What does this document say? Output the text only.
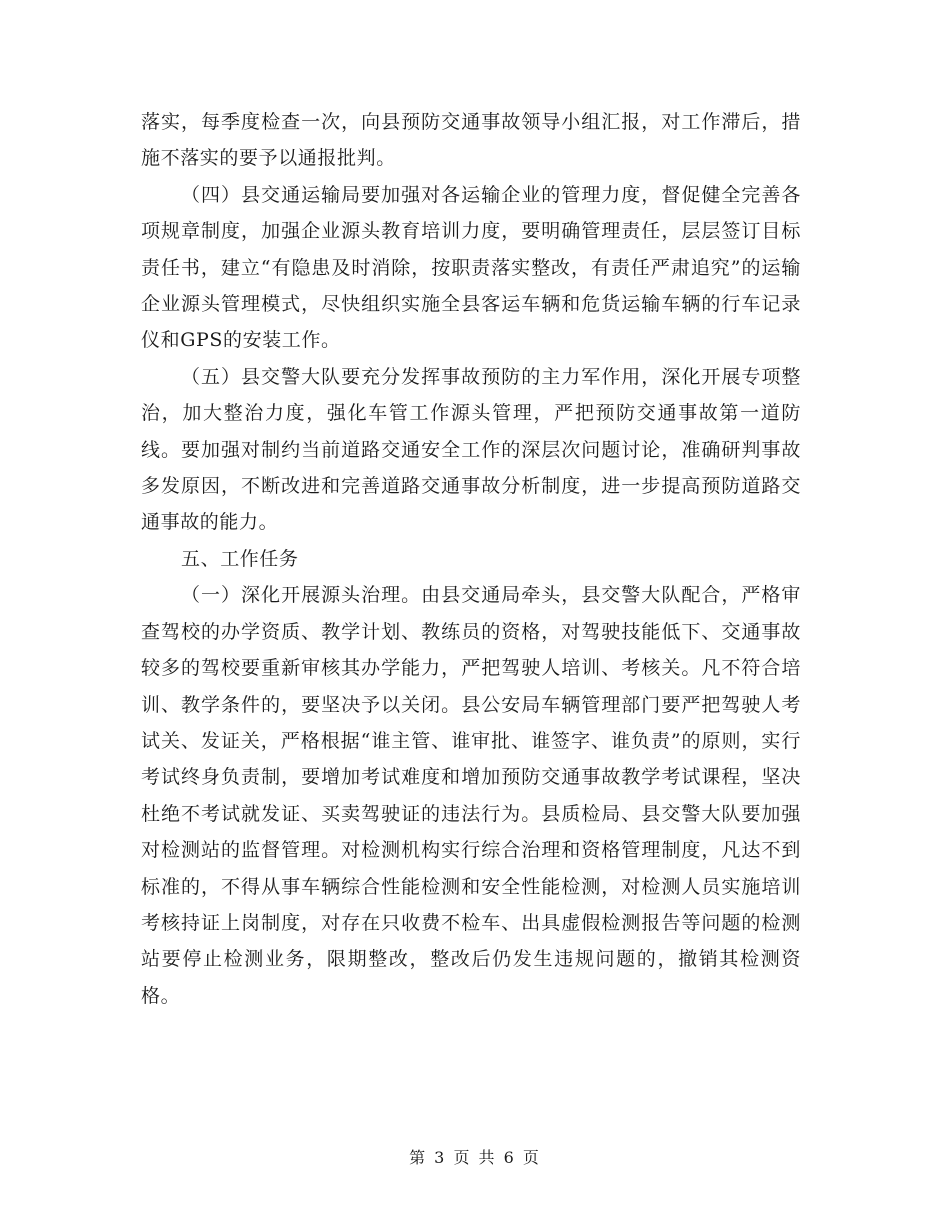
落实，每季度检查一次，向县预防交通事故领导小组汇报，对工作滞后，措施不落实的要予以通报批判。

（四）县交通运输局要加强对各运输企业的管理力度，督促健全完善各项规章制度，加强企业源头教育培训力度，要明确管理责任，层层签订目标责任书，建立“有隐患及时消除，按职责落实整改，有责任严肃追究”的运输企业源头管理模式，尽快组织实施全县客运车辆和危货运输车辆的行车记录仪和GPS的安装工作。

（五）县交警大队要充分发挥事故预防的主力军作用，深化开展专项整治，加大整治力度，强化车管工作源头管理，严把预防交通事故第一道防线。要加强对制约当前道路交通安全工作的深层次问题讨论，准确研判事故多发原因，不断改进和完善道路交通事故分析制度，进一步提高预防道路交通事故的能力。

五、工作任务

（一）深化开展源头治理。由县交通局牵头，县交警大队配合，严格审查驾校的办学资质、教学计划、教练员的资格，对驾驶技能低下、交通事故较多的驾校要重新审核其办学能力，严把驾驶人培训、考核关。凡不符合培训、教学条件的，要坚决予以关闭。县公安局车辆管理部门要严把驾驶人考试关、发证关，严格根据“谁主管、谁审批、谁签字、谁负责”的原则，实行考试终身负责制，要增加考试难度和增加预防交通事故教学考试课程，坚决杜绝不考试就发证、买卖驾驶证的违法行为。县质检局、县交警大队要加强对检测站的监督管理。对检测机构实行综合治理和资格管理制度，凡达不到标准的，不得从事车辆综合性能检测和安全性能检测，对检测人员实施培训考核持证上岗制度，对存在只收费不检车、出具虚假检测报告等问题的检测站要停止检测业务，限期整改，整改后仍发生违规问题的，撤销其检测资格。

第 3 页 共 6 页
